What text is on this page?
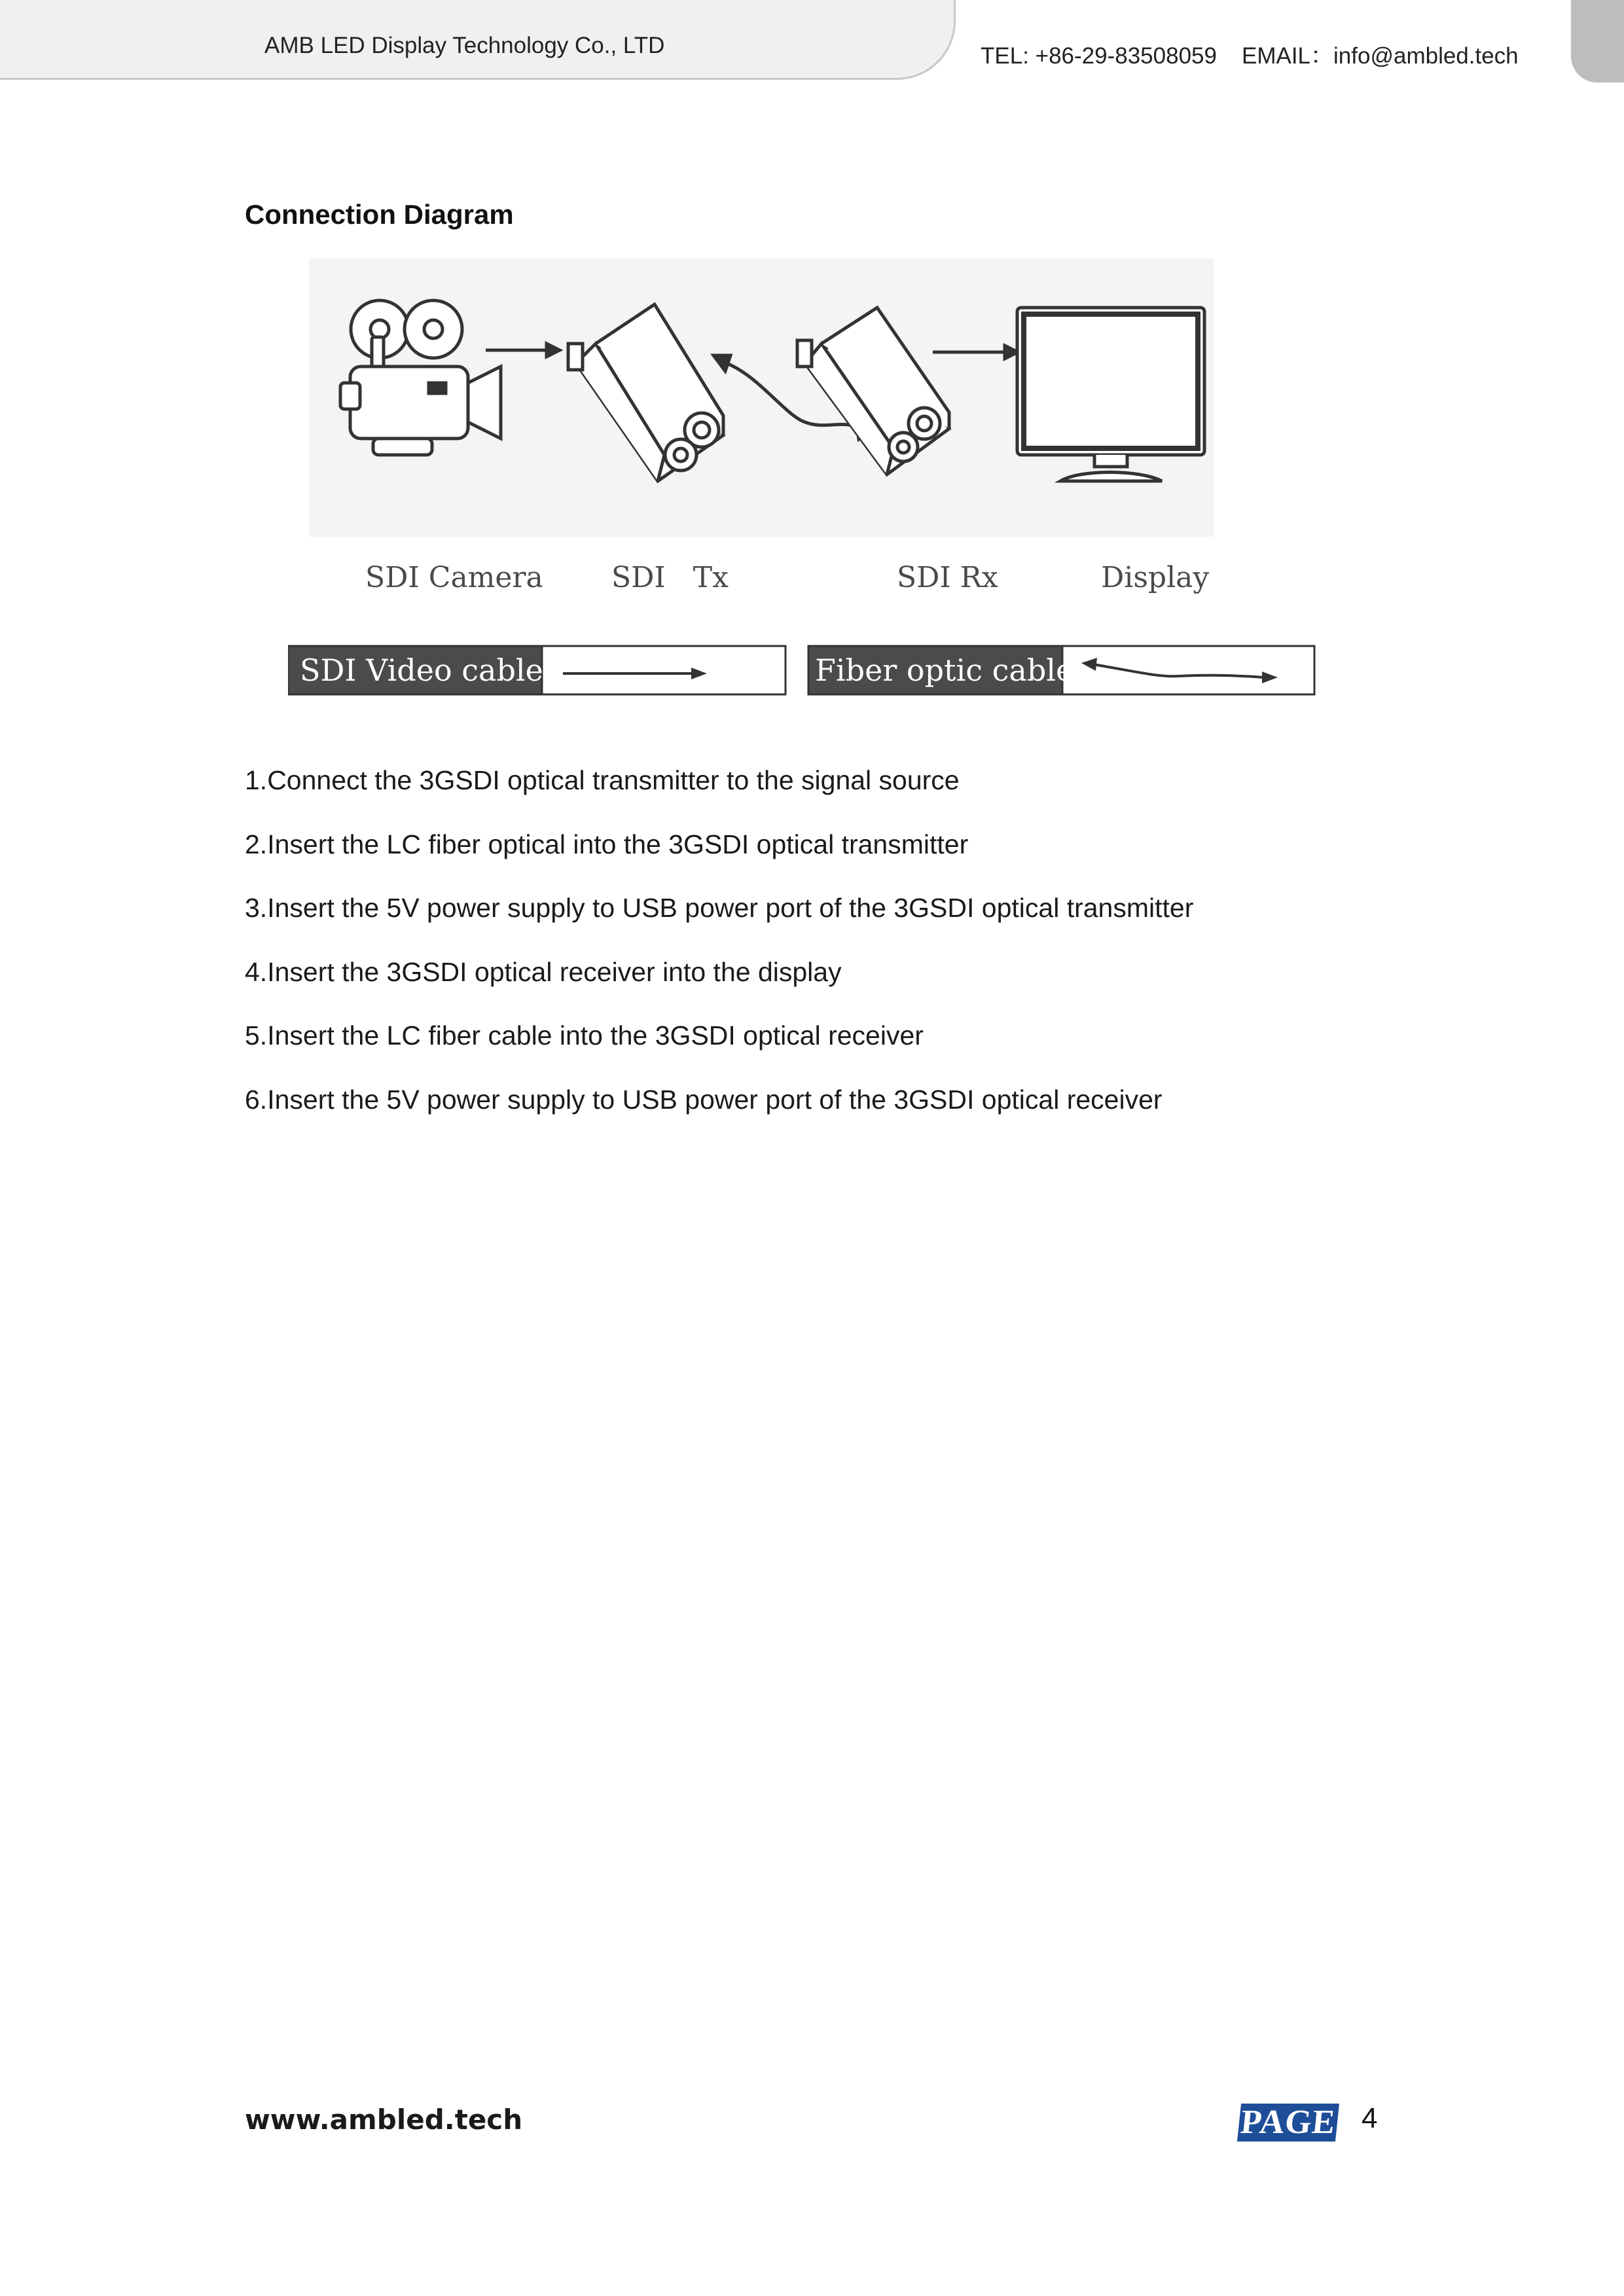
AMB LED Display Technology Co., LTD	TEL: +86-29-83508059 EMAIL：info@ambled.tech
Connection Diagram
SDI Camera SDI   Tx	SDI Rx	Display
SDI Video cable	Fiber optic cable
1.Connect the 3GSDI optical transmitter to the signal source
2.Insert the LC fiber optical into the 3GSDI optical transmitter
3.Insert the 5V power supply to USB power port of the 3GSDI optical transmitter
4.Insert the 3GSDI optical receiver into the display
5.Insert the LC fiber cable into the 3GSDI optical receiver
6.Insert the 5V power supply to USB power port of the 3GSDI optical receiver
www.ambled.tech	PAGE 4
